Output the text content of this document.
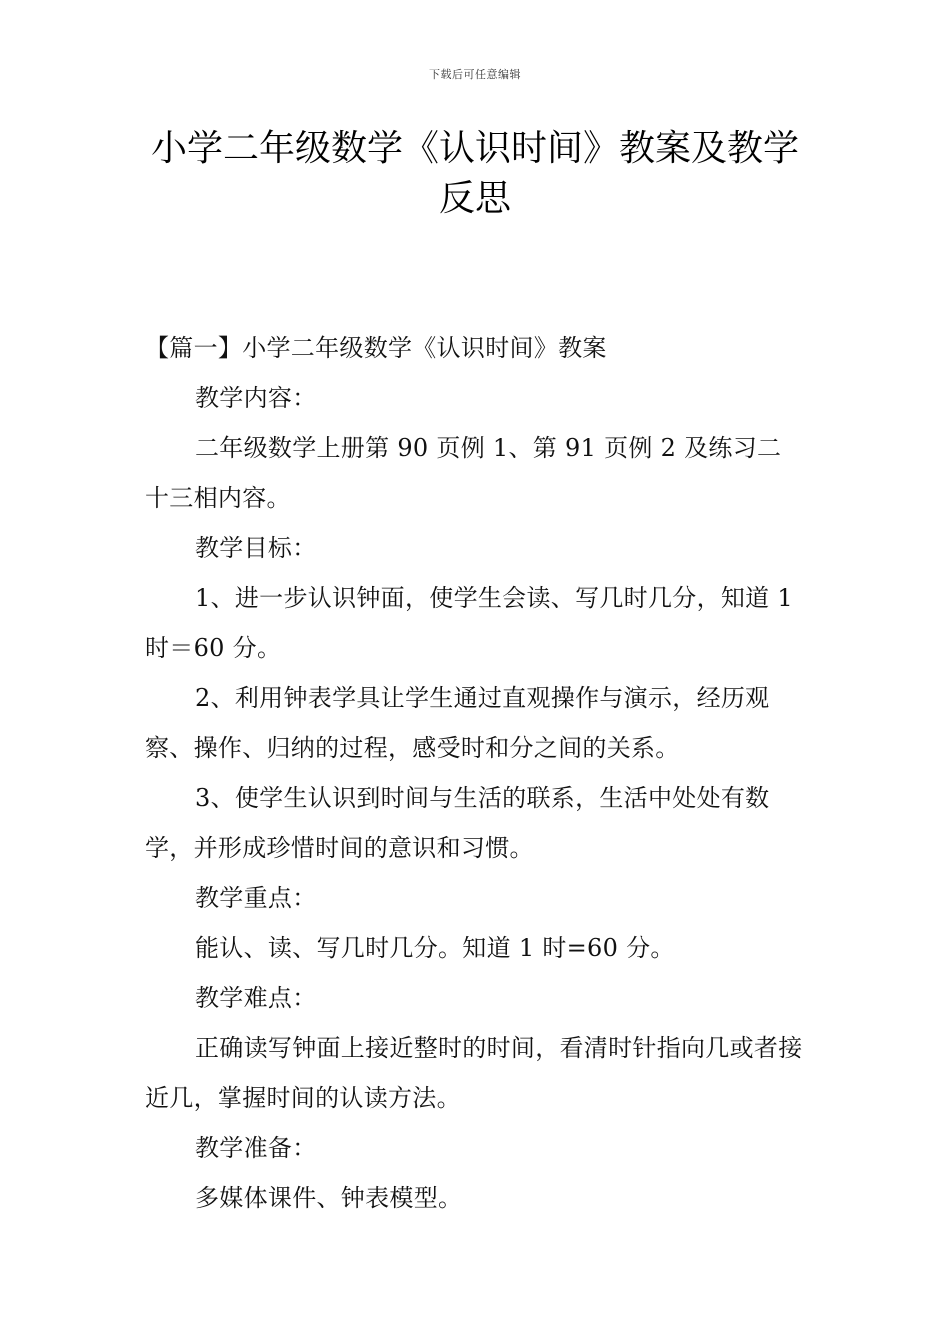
下载后可任意编辑
小学二年级数学《认识时间》教案及教学反思

【篇一】小学二年级数学《认识时间》教案

教学内容：

二年级数学上册第 90 页例 1、第 91 页例 2 及练习二十三相内容。

教学目标：

1、进一步认识钟面，使学生会读、写几时几分，知道 1 时＝60 分。

2、利用钟表学具让学生通过直观操作与演示，经历观察、操作、归纳的过程，感受时和分之间的关系。

3、使学生认识到时间与生活的联系，生活中处处有数学，并形成珍惜时间的意识和习惯。

教学重点：

能认、读、写几时几分。知道 1 时=60 分。

教学难点：

正确读写钟面上接近整时的时间，看清时针指向几或者接近几，掌握时间的认读方法。

教学准备：

多媒体课件、钟表模型。
